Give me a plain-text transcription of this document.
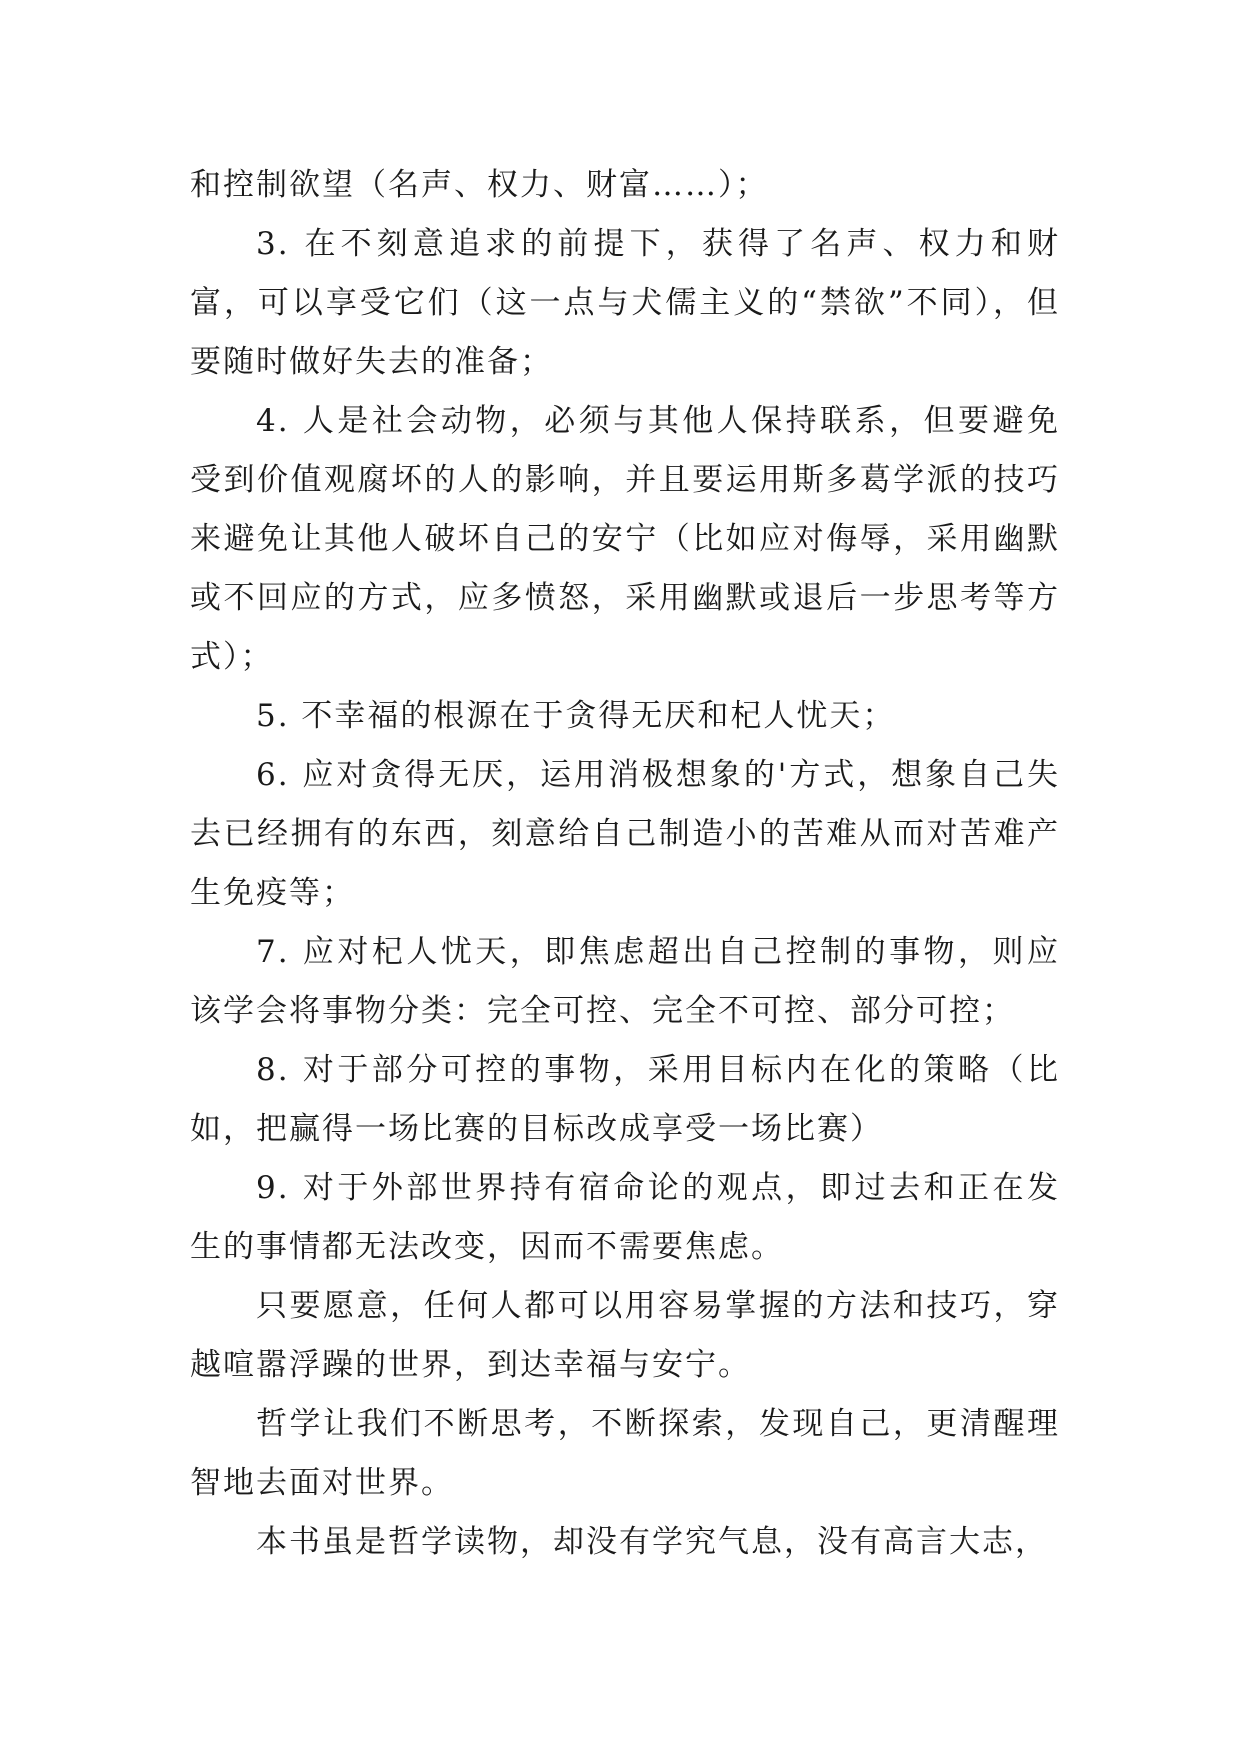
和控制欲望（名声、权力、财富……）；

3. 在不刻意追求的前提下，获得了名声、权力和财富，可以享受它们（这一点与犬儒主义的“禁欲”不同），但要随时做好失去的准备；

4. 人是社会动物，必须与其他人保持联系，但要避免受到价值观腐坏的人的影响，并且要运用斯多葛学派的技巧来避免让其他人破坏自己的安宁（比如应对侮辱，采用幽默或不回应的方式，应多愤怒，采用幽默或退后一步思考等方式）；

5. 不幸福的根源在于贪得无厌和杞人忧天；

6. 应对贪得无厌，运用消极想象的'方式，想象自己失去已经拥有的东西，刻意给自己制造小的苦难从而对苦难产生免疫等；

7. 应对杞人忧天，即焦虑超出自己控制的事物，则应该学会将事物分类：完全可控、完全不可控、部分可控；

8. 对于部分可控的事物，采用目标内在化的策略（比如，把赢得一场比赛的目标改成享受一场比赛）

9. 对于外部世界持有宿命论的观点，即过去和正在发生的事情都无法改变，因而不需要焦虑。

只要愿意，任何人都可以用容易掌握的方法和技巧，穿越喧嚣浮躁的世界，到达幸福与安宁。

哲学让我们不断思考，不断探索，发现自己，更清醒理智地去面对世界。

本书虽是哲学读物，却没有学究气息，没有高言大志，
